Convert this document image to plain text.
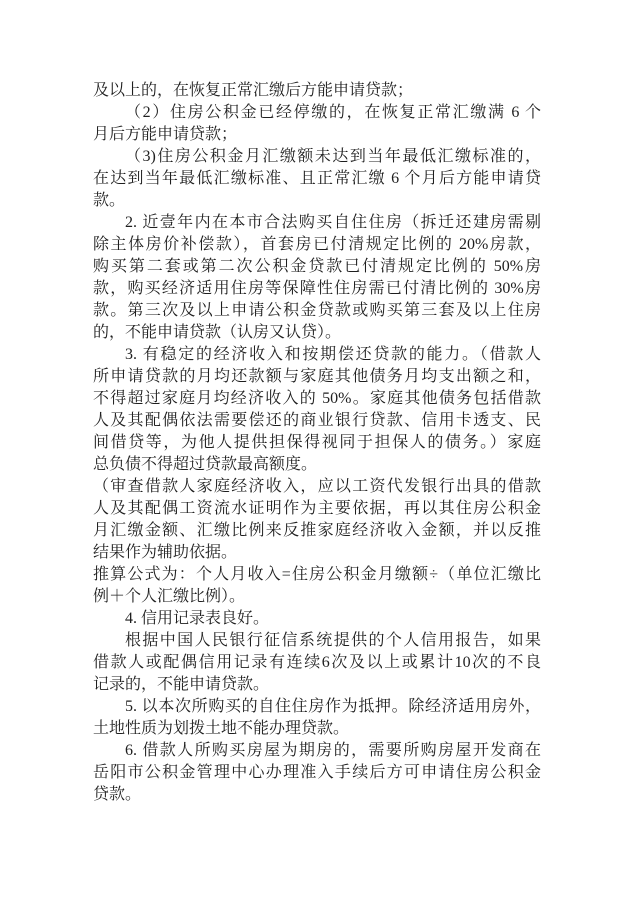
及以上的，在恢复正常汇缴后方能申请贷款；
（2）住房公积金已经停缴的，在恢复正常汇缴满 6 个
月后方能申请贷款；
（3)住房公积金月汇缴额未达到当年最低汇缴标准的，
在达到当年最低汇缴标准、且正常汇缴 6 个月后方能申请贷
款。
2. 近壹年内在本市合法购买自住住房（拆迁还建房需剔
除主体房价补偿款），首套房已付清规定比例的 20%房款，
购买第二套或第二次公积金贷款已付清规定比例的 50%房
款，购买经济适用住房等保障性住房需已付清比例的 30%房
款。第三次及以上申请公积金贷款或购买第三套及以上住房
的，不能申请贷款（认房又认贷）。
3. 有稳定的经济收入和按期偿还贷款的能力。（借款人
所申请贷款的月均还款额与家庭其他债务月均支出额之和，
不得超过家庭月均经济收入的 50%。家庭其他债务包括借款
人及其配偶依法需要偿还的商业银行贷款、信用卡透支、民
间借贷等，为他人提供担保得视同于担保人的债务。）家庭
总负债不得超过贷款最高额度。
（审查借款人家庭经济收入，应以工资代发银行出具的借款
人及其配偶工资流水证明作为主要依据，再以其住房公积金
月汇缴金额、汇缴比例来反推家庭经济收入金额，并以反推
结果作为辅助依据。
推算公式为：个人月收入=住房公积金月缴额÷（单位汇缴比
例＋个人汇缴比例）。
4. 信用记录表良好。
根据中国人民银行征信系统提供的个人信用报告，如果
借款人或配偶信用记录有连续6次及以上或累计10次的不良
记录的，不能申请贷款。
5. 以本次所购买的自住住房作为抵押。除经济适用房外，
土地性质为划拨土地不能办理贷款。
6. 借款人所购买房屋为期房的，需要所购房屋开发商在
岳阳市公积金管理中心办理准入手续后方可申请住房公积金
贷款。
